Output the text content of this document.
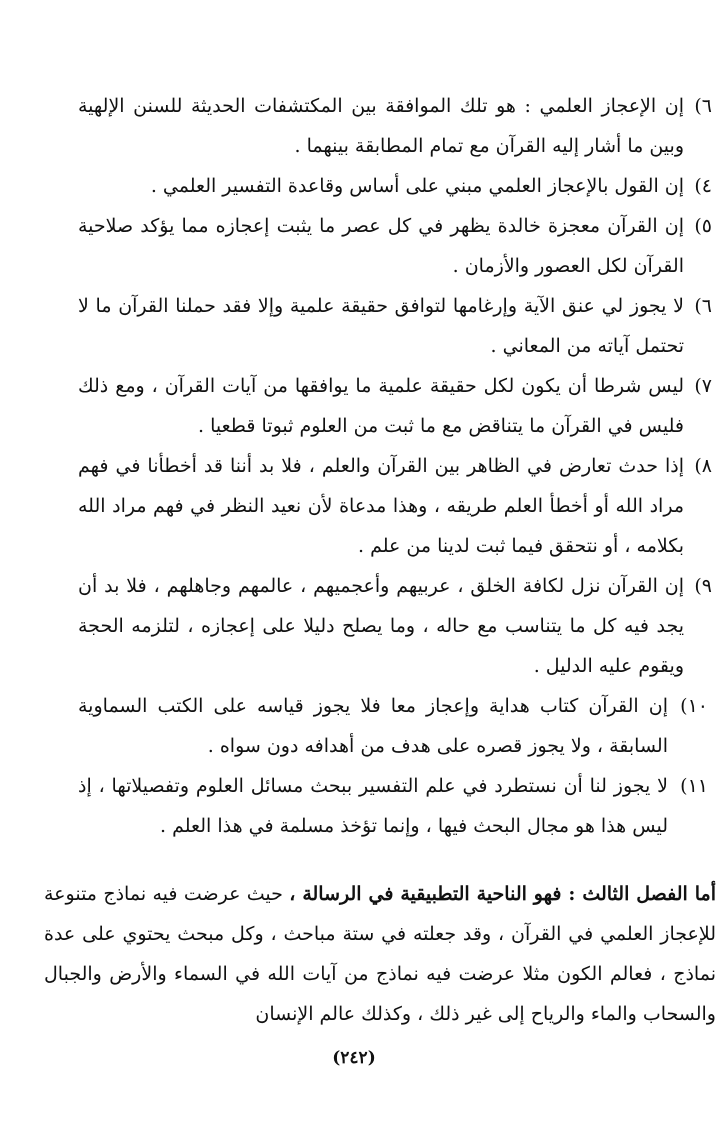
٦)
إن الإعجاز العلمي : هو تلك الموافقة بين المكتشفات الحديثة للسنن الإلهية وبين ما أشار إليه القرآن مع تمام المطابقة بينهما .

٤)
إن القول بالإعجاز العلمي مبني على أساس وقاعدة التفسير العلمي .

٥)
إن القرآن معجزة خالدة يظهر في كل عصر ما يثبت إعجازه مما يؤكد صلاحية القرآن لكل العصور والأزمان .

٦)
لا يجوز لي عنق الآية وإرغامها لتوافق حقيقة علمية وإلا فقد حملنا القرآن ما لا تحتمل آياته من المعاني .

٧)
ليس شرطا أن يكون لكل حقيقة علمية ما يوافقها من آيات القرآن ، ومع ذلك فليس في القرآن ما يتناقض مع ما ثبت من العلوم ثبوتا قطعيا .

٨)
إذا حدث تعارض في الظاهر بين القرآن والعلم ، فلا بد أننا قد أخطأنا في فهم مراد الله أو أخطأ العلم طريقه ، وهذا مدعاة لأن نعيد النظر في فهم مراد الله بكلامه ، أو نتحقق فيما ثبت لدينا من علم .

٩)
إن القرآن نزل لكافة الخلق ، عربيهم وأعجميهم ، عالمهم وجاهلهم ، فلا بد أن يجد فيه كل ما يتناسب مع حاله ، وما يصلح دليلا على إعجازه ، لتلزمه الحجة ويقوم عليه الدليل .

١٠)
إن القرآن كتاب هداية وإعجاز معا فلا يجوز قياسه على الكتب السماوية السابقة ، ولا يجوز قصره على هدف من أهدافه دون سواه .

١١)
لا يجوز لنا أن نستطرد في علم التفسير ببحث مسائل العلوم وتفصيلاتها ، إذ ليس هذا هو مجال البحث فيها ، وإنما تؤخذ مسلمة في هذا العلم .

أما الفصل الثالث : فهو الناحية التطبيقية في الرسالة ، حيث عرضت فيه نماذج متنوعة للإعجاز العلمي في القرآن ، وقد جعلته في ستة مباحث ، وكل مبحث يحتوي على عدة نماذج ، فعالم الكون مثلا عرضت فيه نماذج من آيات الله في السماء والأرض والجبال والسحاب والماء والرياح إلى غير ذلك ، وكذلك عالم الإنسان

(٢٤٢)
